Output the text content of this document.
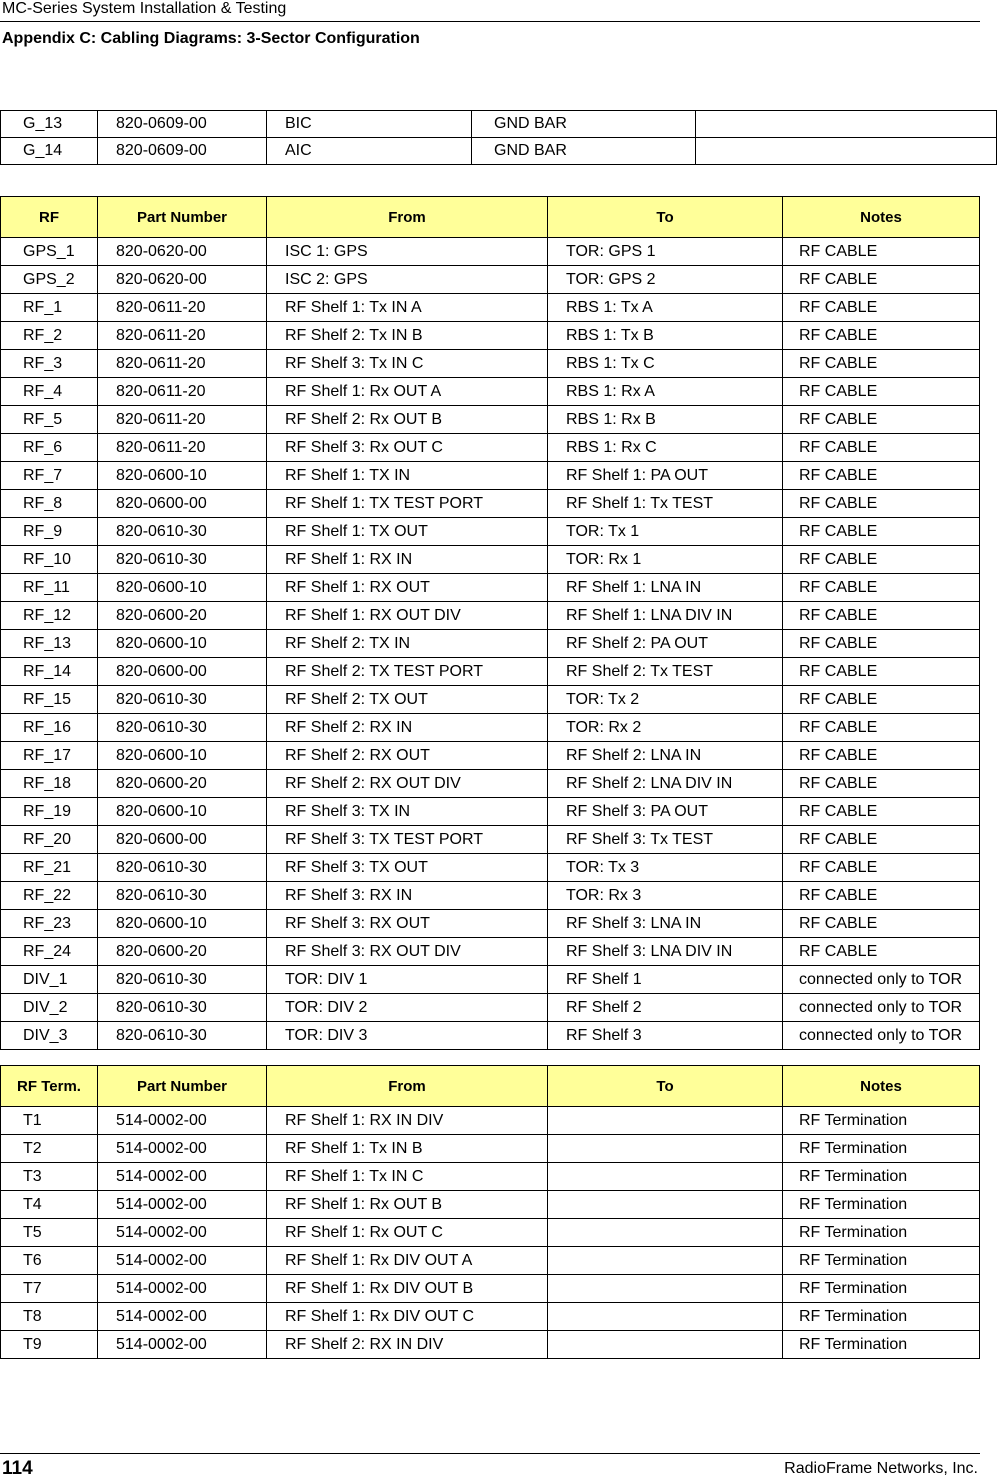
MC-Series System Installation & Testing
Appendix C: Cabling Diagrams: 3-Sector Configuration
G_13	820-0609-00	BIC	GND BAR	
G_14	820-0609-00	AIC	GND BAR	
RF	Part Number	From	To	Notes
GPS_1	820-0620-00	ISC 1: GPS	TOR: GPS 1	RF CABLE
GPS_2	820-0620-00	ISC 2: GPS	TOR: GPS 2	RF CABLE
RF_1	820-0611-20	RF Shelf 1: Tx IN A	RBS 1: Tx A	RF CABLE
RF_2	820-0611-20	RF Shelf 2: Tx IN B	RBS 1: Tx B	RF CABLE
RF_3	820-0611-20	RF Shelf 3: Tx IN C	RBS 1: Tx C	RF CABLE
RF_4	820-0611-20	RF Shelf 1: Rx OUT A	RBS 1: Rx A	RF CABLE
RF_5	820-0611-20	RF Shelf 2: Rx OUT B	RBS 1: Rx B	RF CABLE
RF_6	820-0611-20	RF Shelf 3: Rx OUT C	RBS 1: Rx C	RF CABLE
RF_7	820-0600-10	RF Shelf 1: TX IN	RF Shelf 1: PA OUT	RF CABLE
RF_8	820-0600-00	RF Shelf 1: TX TEST PORT	RF Shelf 1: Tx TEST	RF CABLE
RF_9	820-0610-30	RF Shelf 1: TX OUT	TOR: Tx 1	RF CABLE
RF_10	820-0610-30	RF Shelf 1: RX IN	TOR: Rx 1	RF CABLE
RF_11	820-0600-10	RF Shelf 1: RX OUT	RF Shelf 1: LNA IN	RF CABLE
RF_12	820-0600-20	RF Shelf 1: RX OUT DIV	RF Shelf 1: LNA DIV IN	RF CABLE
RF_13	820-0600-10	RF Shelf 2: TX IN	RF Shelf 2: PA OUT	RF CABLE
RF_14	820-0600-00	RF Shelf 2: TX TEST PORT	RF Shelf 2: Tx TEST	RF CABLE
RF_15	820-0610-30	RF Shelf 2: TX OUT	TOR: Tx 2	RF CABLE
RF_16	820-0610-30	RF Shelf 2: RX IN	TOR: Rx 2	RF CABLE
RF_17	820-0600-10	RF Shelf 2: RX OUT	RF Shelf 2: LNA IN	RF CABLE
RF_18	820-0600-20	RF Shelf 2: RX OUT DIV	RF Shelf 2: LNA DIV IN	RF CABLE
RF_19	820-0600-10	RF Shelf 3: TX IN	RF Shelf 3: PA OUT	RF CABLE
RF_20	820-0600-00	RF Shelf 3: TX TEST PORT	RF Shelf 3: Tx TEST	RF CABLE
RF_21	820-0610-30	RF Shelf 3: TX OUT	TOR: Tx 3	RF CABLE
RF_22	820-0610-30	RF Shelf 3: RX IN	TOR: Rx 3	RF CABLE
RF_23	820-0600-10	RF Shelf 3: RX OUT	RF Shelf 3: LNA IN	RF CABLE
RF_24	820-0600-20	RF Shelf 3: RX OUT DIV	RF Shelf 3: LNA DIV IN	RF CABLE
DIV_1	820-0610-30	TOR: DIV 1	RF Shelf 1	connected only to TOR
DIV_2	820-0610-30	TOR: DIV 2	RF Shelf 2	connected only to TOR
DIV_3	820-0610-30	TOR: DIV 3	RF Shelf 3	connected only to TOR
RF Term.	Part Number	From	To	Notes
T1	514-0002-00	RF Shelf 1: RX IN DIV		RF Termination
T2	514-0002-00	RF Shelf 1: Tx IN B		RF Termination
T3	514-0002-00	RF Shelf 1: Tx IN C		RF Termination
T4	514-0002-00	RF Shelf 1: Rx OUT B		RF Termination
T5	514-0002-00	RF Shelf 1: Rx OUT C		RF Termination
T6	514-0002-00	RF Shelf 1: Rx DIV OUT A		RF Termination
T7	514-0002-00	RF Shelf 1: Rx DIV OUT B		RF Termination
T8	514-0002-00	RF Shelf 1: Rx DIV OUT C		RF Termination
T9	514-0002-00	RF Shelf 2: RX IN DIV		RF Termination
114	RadioFrame Networks, Inc.
